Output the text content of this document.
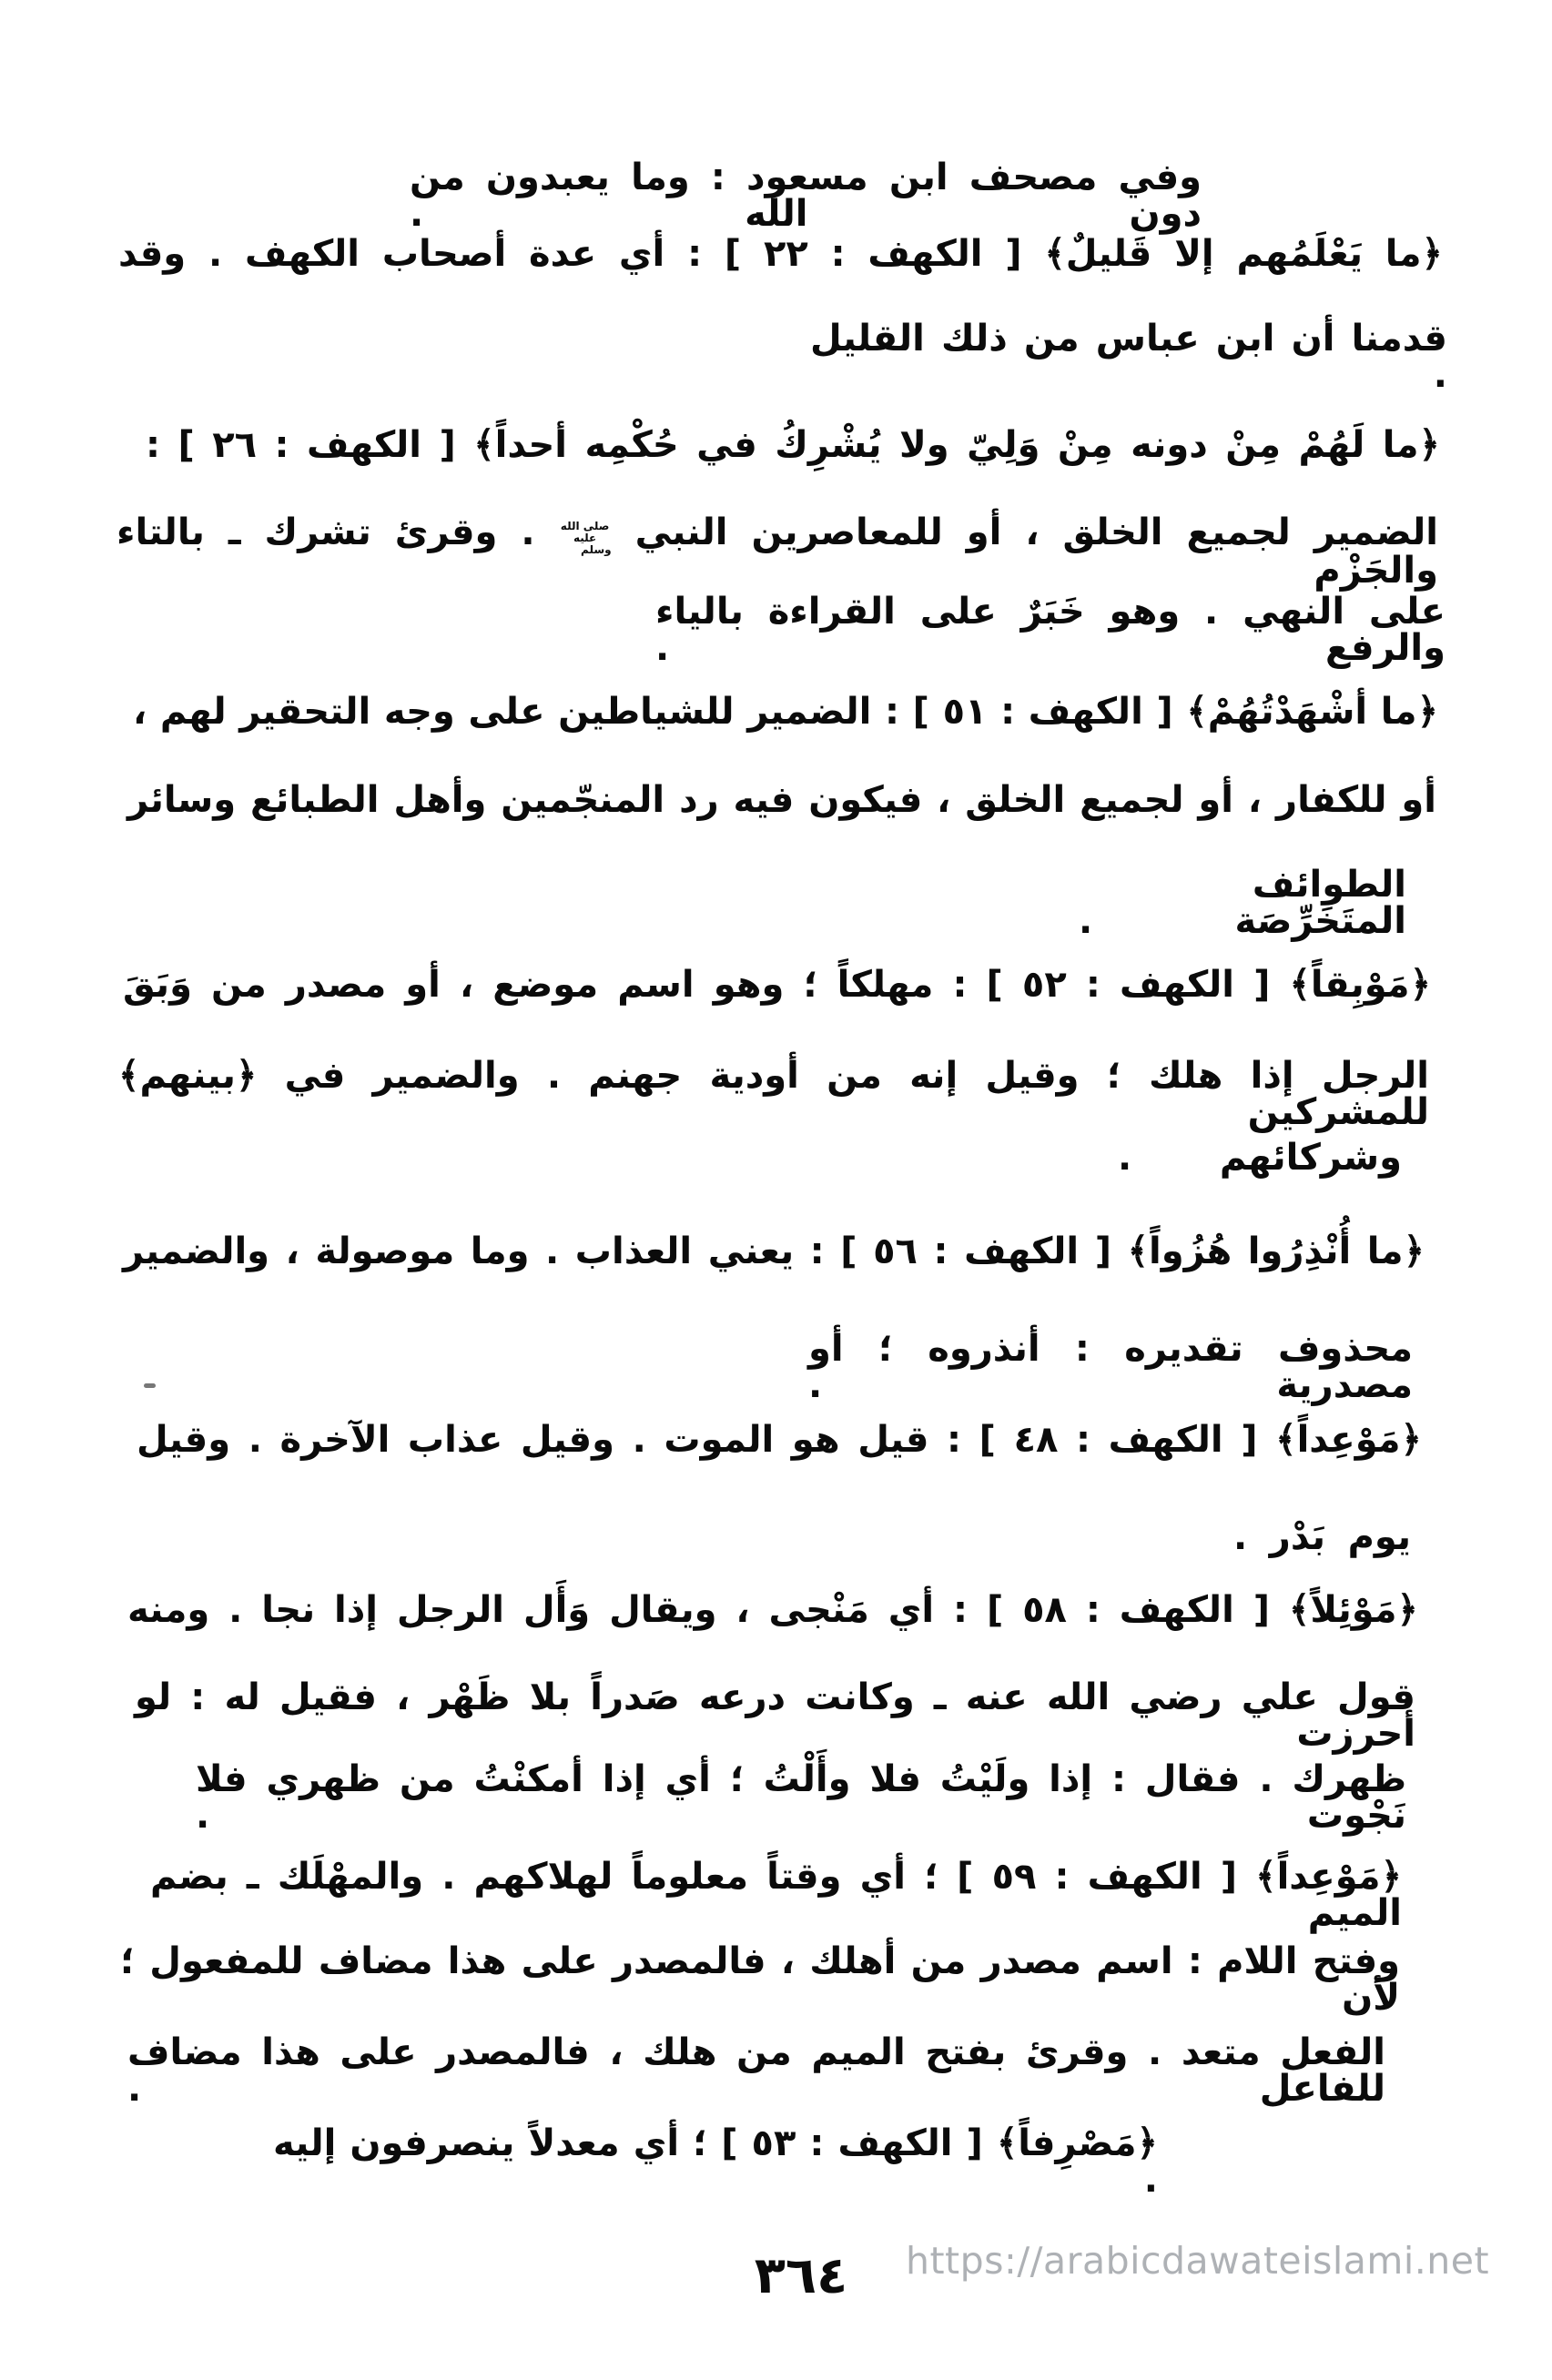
وفي مصحف ابن مسعود : وما يعبدون من دون الله .
﴿ما يَعْلَمُهم إلا قَليلٌ﴾ [ الكهف : ٢٢ ] : أي عدة أصحاب الكهف . وقد
قدمنا أن ابن عباس من ذلك القليل .
﴿ما لَهُمْ مِنْ دونه مِنْ وَلِيّ ولا يُشْرِكُ في حُكْمِه أحداً﴾ [ الكهف : ٢٦ ] :
الضمير لجميع الخلق ، أو للمعاصرين النبي صلى الله عليه وسلم . وقرئ تشرك ـ بالتاء والجَزْم
على النهي . وهو خَبَرٌ على القراءة بالياء والرفع .
﴿ما أشْهَدْتُهُمْ﴾ [ الكهف : ٥١ ] : الضمير للشياطين على وجه التحقير لهم ،
أو للكفار ، أو لجميع الخلق ، فيكون فيه رد المنجّمين وأهل الطبائع وسائر
الطوائف المتَخَرِّصَة .
﴿مَوْبِقاً﴾ [ الكهف : ٥٢ ] : مهلكاً ؛ وهو اسم موضع ، أو مصدر من وَبَقَ
الرجل إذا هلك ؛ وقيل إنه من أودية جهنم . والضمير في ﴿بينهم﴾ للمشركين
وشركائهم .
﴿ما أُنْذِرُوا هُزُواً﴾ [ الكهف : ٥٦ ] : يعني العذاب . وما موصولة ، والضمير
محذوف تقديره : أنذروه ؛ أو مصدرية .
﴿مَوْعِداً﴾ [ الكهف : ٤٨ ] : قيل هو الموت . وقيل عذاب الآخرة . وقيل
يوم بَدْر .
﴿مَوْئِلاً﴾ [ الكهف : ٥٨ ] : أي مَنْجى ، ويقال وَأَل الرجل إذا نجا . ومنه
قول علي رضي الله عنه ـ وكانت درعه صَدراً بلا ظَهْر ، فقيل له : لو أحرزت
ظهرك . فقال : إذا ولَيْتُ فلا وأَلْتُ ؛ أي إذا أمكنْتُ من ظهري فلا نَجْوت .
﴿مَوْعِداً﴾ [ الكهف : ٥٩ ] ؛ أي وقتاً معلوماً لهلاكهم . والمهْلَك ـ بضم الميم
وفتح اللام : اسم مصدر من أهلك ، فالمصدر على هذا مضاف للمفعول ؛ لأن
الفعل متعد . وقرئ بفتح الميم من هلك ، فالمصدر على هذا مضاف للفاعل .
﴿مَصْرِفاً﴾ [ الكهف : ٥٣ ] ؛ أي معدلاً ينصرفون إليه .
٣٦٤	https://arabicdawateislami.net
